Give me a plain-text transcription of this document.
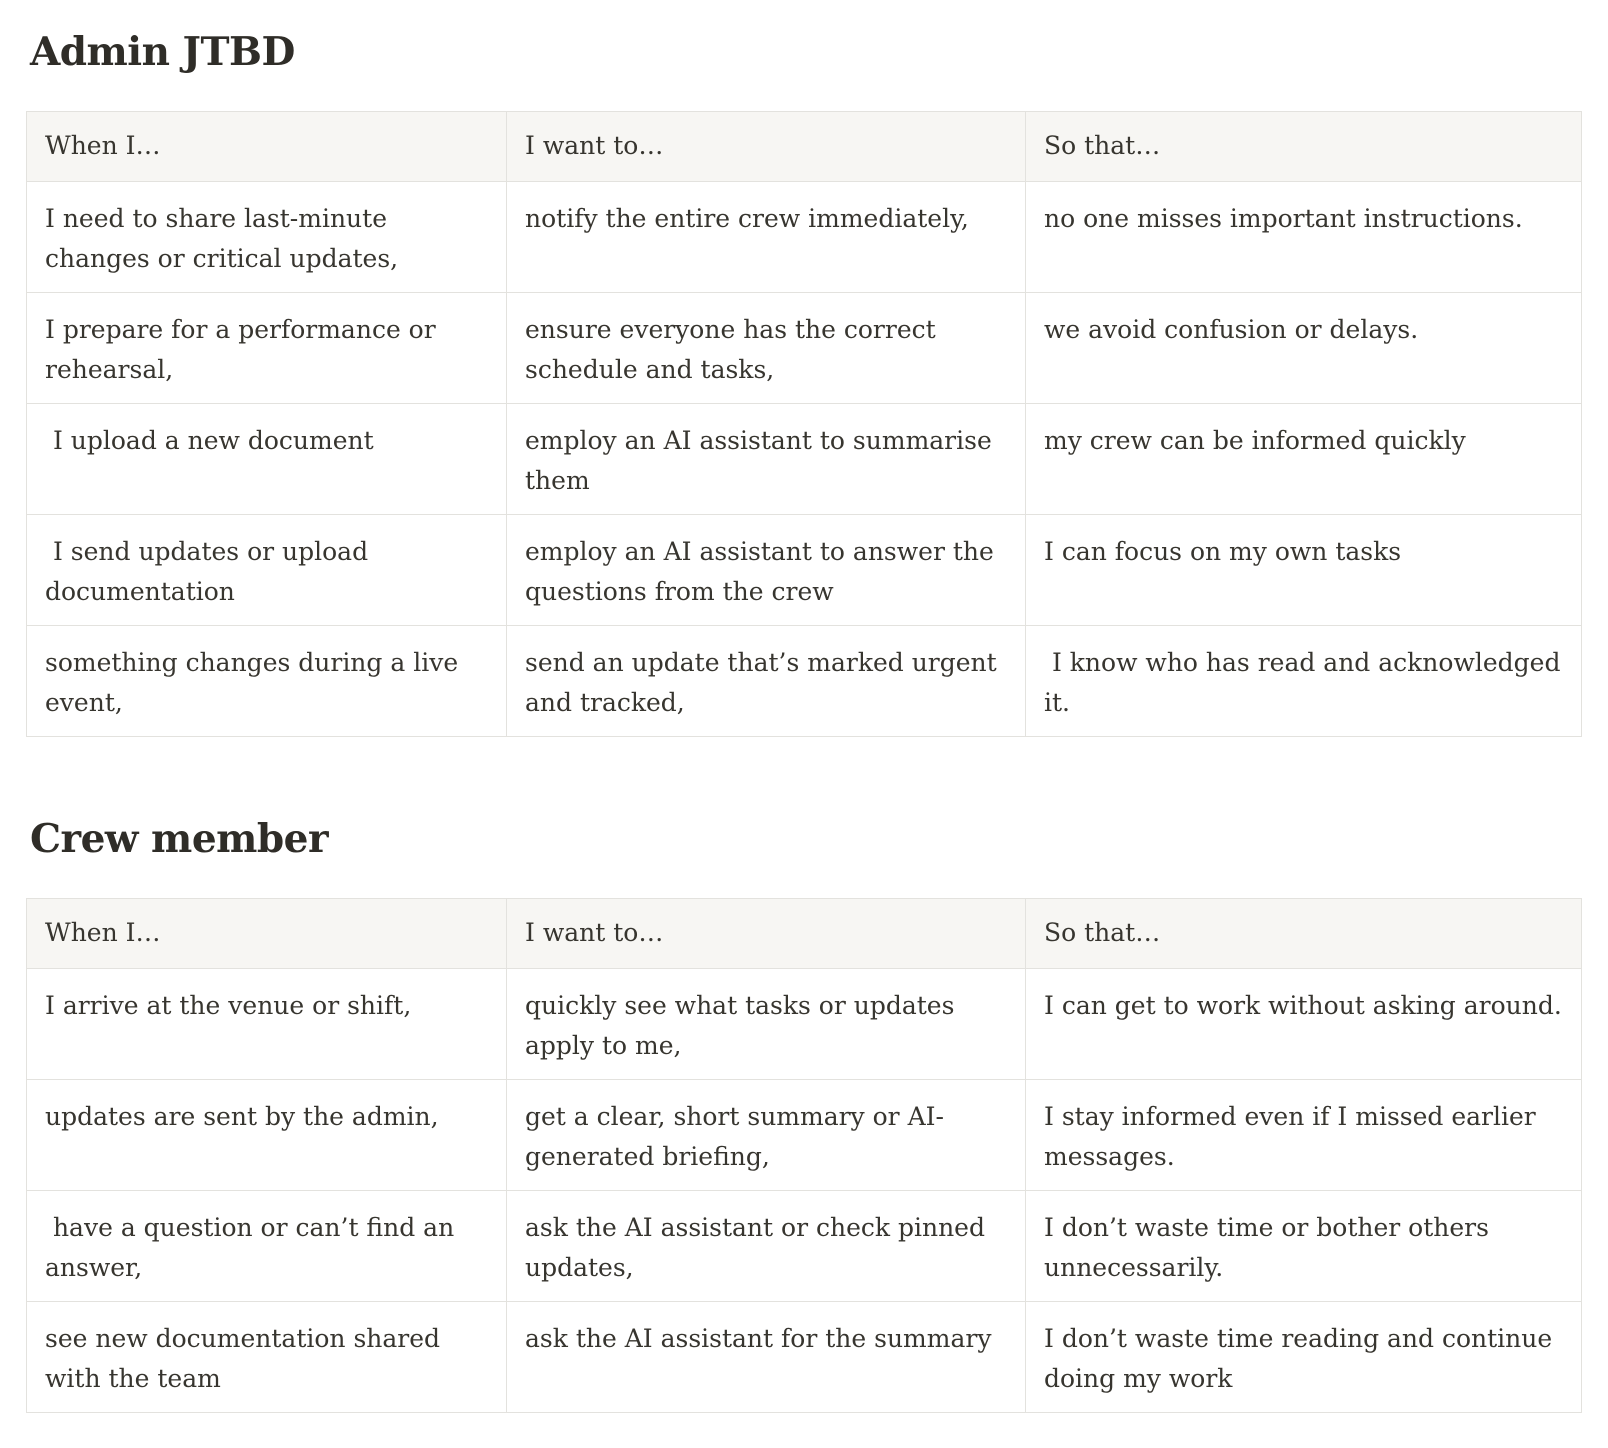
Admin JTBD
When I…	I want to…	So that…
I need to share last-minute changes or critical updates,	notify the entire crew immediately,	no one misses important instructions.
I prepare for a performance or rehearsal,	ensure everyone has the correct schedule and tasks,	we avoid confusion or delays.
I upload a new document	employ an AI assistant to summarise them	my crew can be informed quickly
I send updates or upload documentation	employ an AI assistant to answer the questions from the crew	I can focus on my own tasks
something changes during a live event,	send an update that’s marked urgent and tracked,	I know who has read and acknowledged it.
Crew member
When I…	I want to…	So that…
I arrive at the venue or shift,	quickly see what tasks or updates apply to me,	I can get to work without asking around.
updates are sent by the admin,	get a clear, short summary or AI-generated briefing,	I stay informed even if I missed earlier messages.
have a question or can’t find an answer,	ask the AI assistant or check pinned updates,	I don’t waste time or bother others unnecessarily.
see new documentation shared with the team	ask the AI assistant for the summary	I don’t waste time reading and continue doing my work
